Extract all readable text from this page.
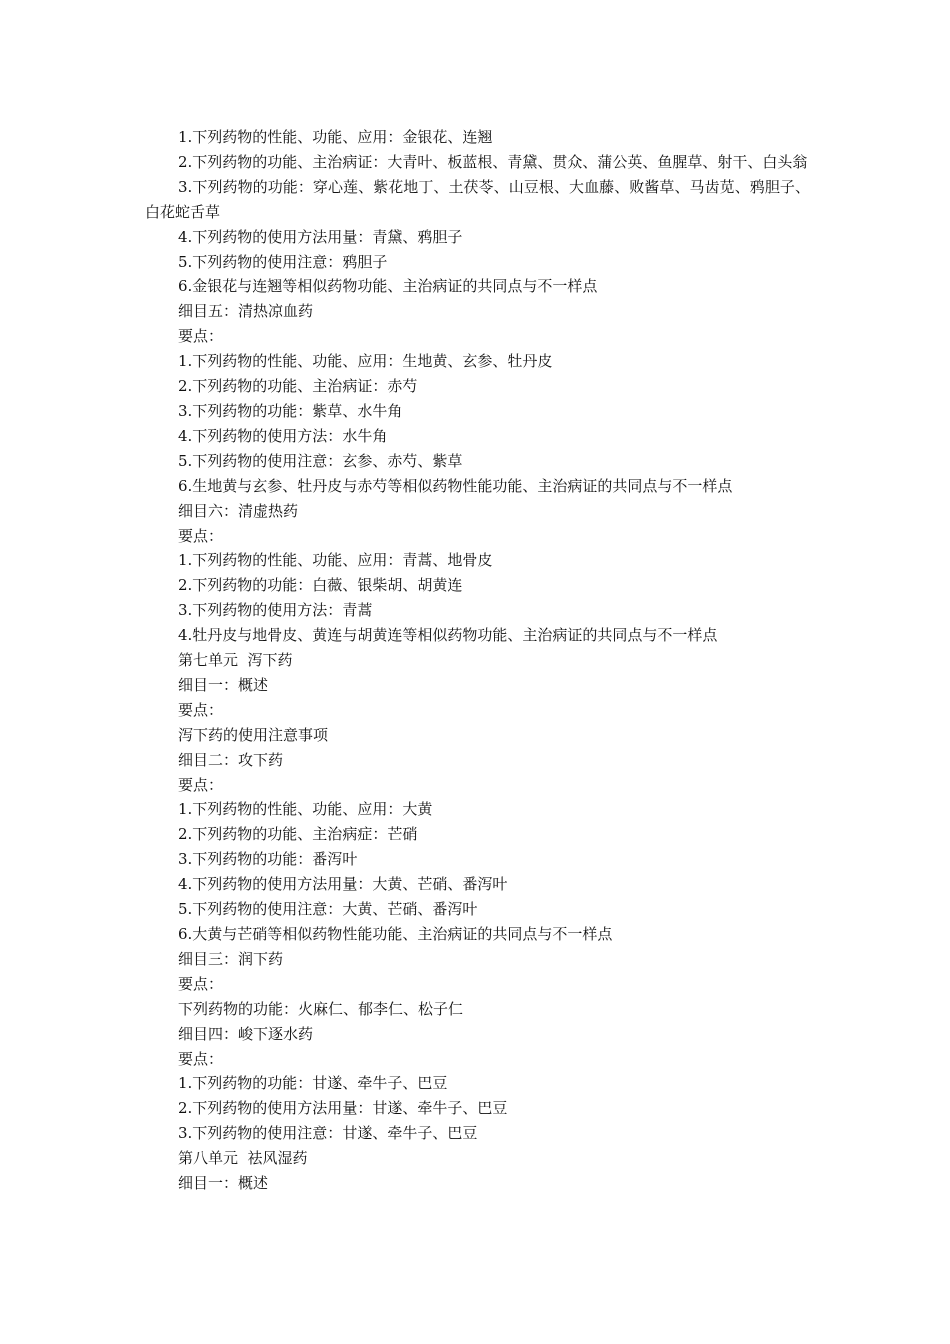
1.下列药物的性能、功能、应用：金银花、连翘
2.下列药物的功能、主治病证：大青叶、板蓝根、青黛、贯众、蒲公英、鱼腥草、射干、白头翁
3.下列药物的功能：穿心莲、紫花地丁、土茯苓、山豆根、大血藤、败酱草、马齿苋、鸦胆子、白花蛇舌草
4.下列药物的使用方法用量：青黛、鸦胆子
5.下列药物的使用注意：鸦胆子
6.金银花与连翘等相似药物功能、主治病证的共同点与不一样点
细目五：清热凉血药
要点：
1.下列药物的性能、功能、应用：生地黄、玄参、牡丹皮
2.下列药物的功能、主治病证：赤芍
3.下列药物的功能：紫草、水牛角
4.下列药物的使用方法：水牛角
5.下列药物的使用注意：玄参、赤芍、紫草
6.生地黄与玄参、牡丹皮与赤芍等相似药物性能功能、主治病证的共同点与不一样点
细目六：清虚热药
要点：
1.下列药物的性能、功能、应用：青蒿、地骨皮
2.下列药物的功能：白薇、银柴胡、胡黄连
3.下列药物的使用方法：青蒿
4.牡丹皮与地骨皮、黄连与胡黄连等相似药物功能、主治病证的共同点与不一样点
第七单元  泻下药
细目一：概述
要点：
泻下药的使用注意事项
细目二：攻下药
要点：
1.下列药物的性能、功能、应用：大黄
2.下列药物的功能、主治病症：芒硝
3.下列药物的功能：番泻叶
4.下列药物的使用方法用量：大黄、芒硝、番泻叶
5.下列药物的使用注意：大黄、芒硝、番泻叶
6.大黄与芒硝等相似药物性能功能、主治病证的共同点与不一样点
细目三：润下药
要点：
下列药物的功能：火麻仁、郁李仁、松子仁
细目四：峻下逐水药
要点：
1.下列药物的功能：甘遂、牵牛子、巴豆
2.下列药物的使用方法用量：甘遂、牵牛子、巴豆
3.下列药物的使用注意：甘遂、牵牛子、巴豆
第八单元  祛风湿药
细目一：概述
